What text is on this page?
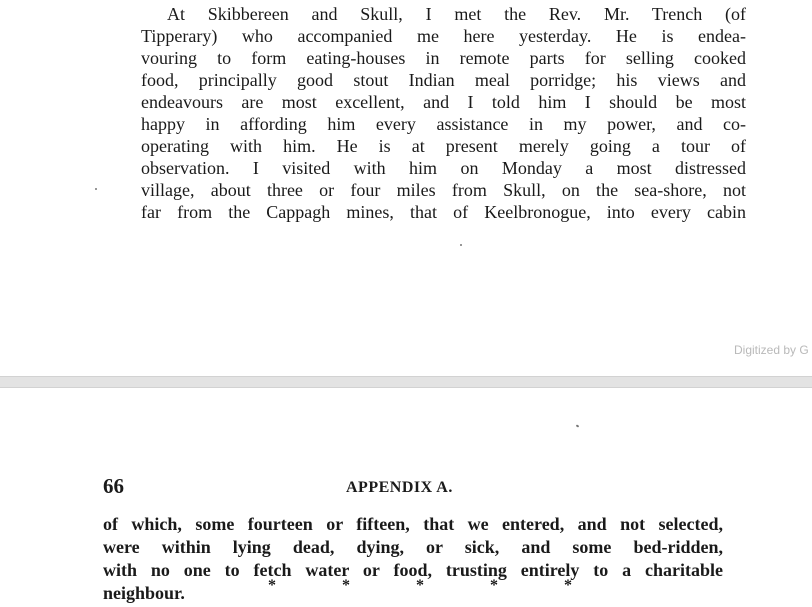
At Skibbereen and Skull, I met the Rev. Mr. Trench (of
Tipperary) who accompanied me here yesterday. He is endea-
vouring to form eating-houses in remote parts for selling cooked
food, principally good stout Indian meal porridge; his views and
endeavours are most excellent, and I told him I should be most
happy in affording him every assistance in my power, and co-
operating with him. He is at present merely going a tour of
observation. I visited with him on Monday a most distressed
village, about three or four miles from Skull, on the sea-shore, not
far from the Cappagh mines, that of Keelbronogue, into every cabin
Digitized by G
66	APPENDIX A.
of which, some fourteen or fifteen, that we entered, and not selected,
were within lying dead, dying, or sick, and some bed-ridden,
with no one to fetch water or food, trusting entirely to a charitable
neighbour.	* * * * *
